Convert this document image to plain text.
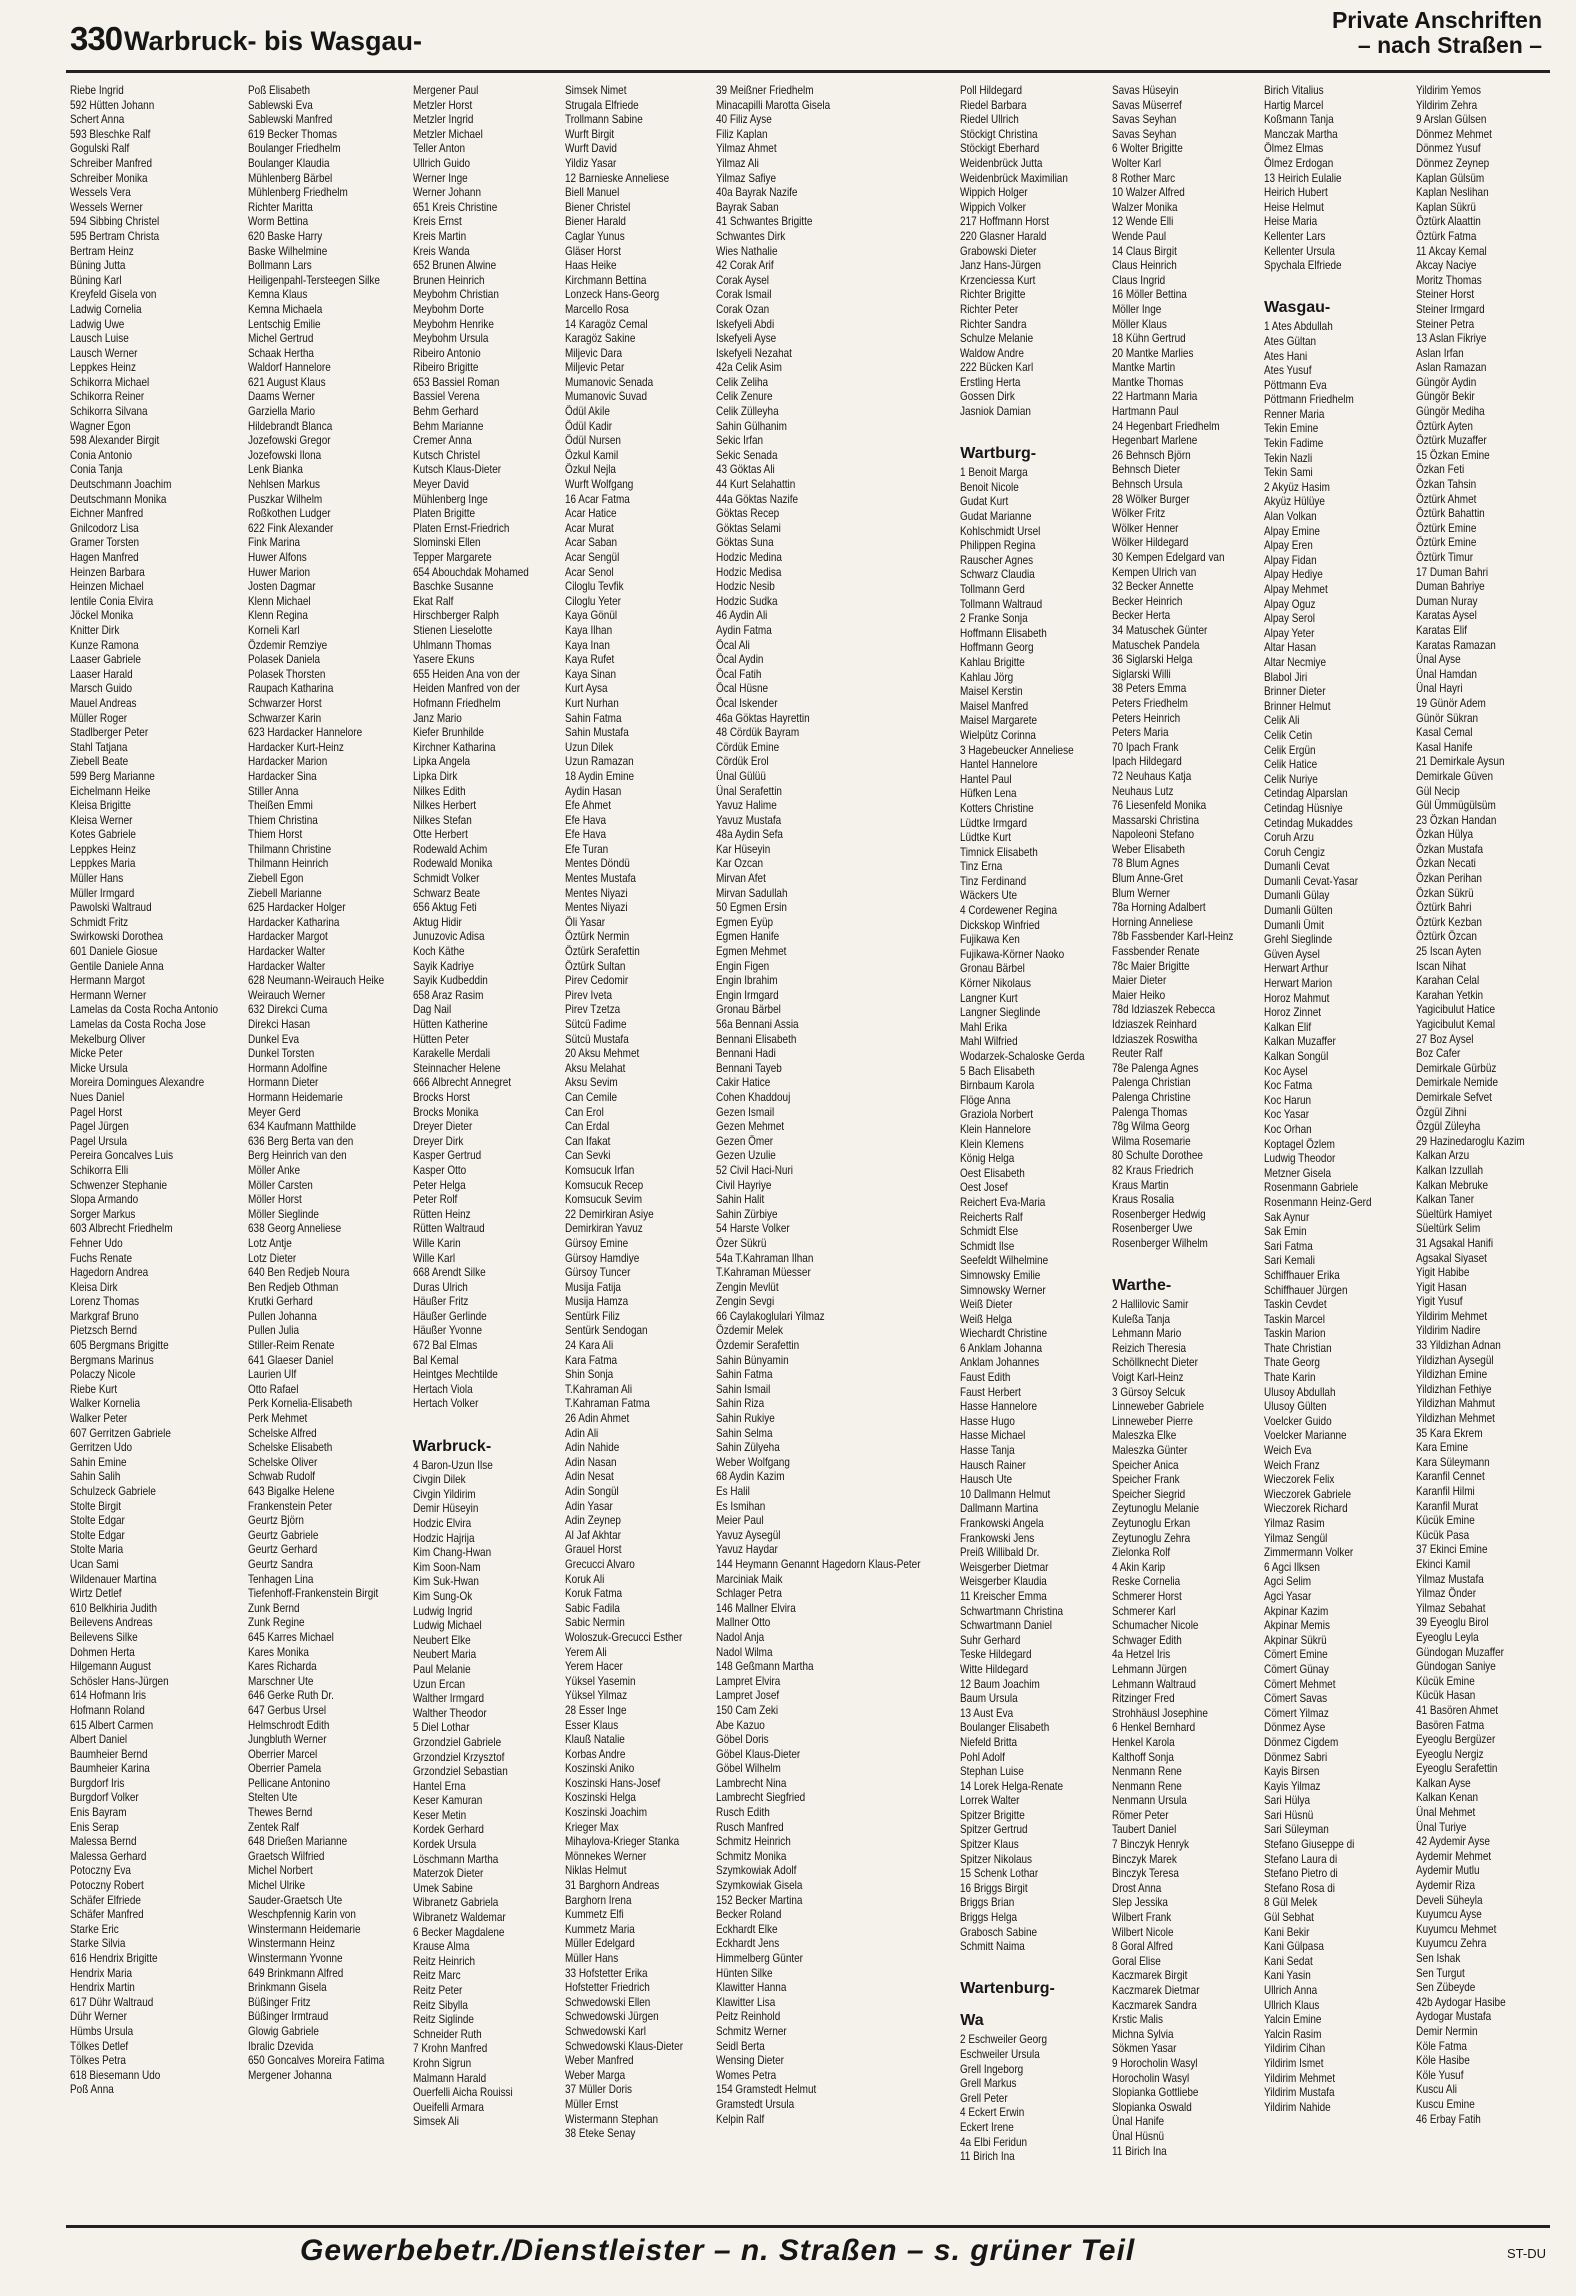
330 Warbruck- bis Wasgau-
Private Anschriften
– nach Straßen –
Riebe Ingrid
592 Hütten Johann
Schert Anna
593 Bleschke Ralf
Gogulski Ralf
Schreiber Manfred
Schreiber Monika
Wessels Vera
Wessels Werner
594 Sibbing Christel
595 Bertram Christa
Bertram Heinz
Büning Jutta
Büning Karl
Kreyfeld Gisela von
Ladwig Cornelia
Ladwig Uwe
Lausch Luise
Lausch Werner
Leppkes Heinz
Schikorra Michael
Schikorra Reiner
Schikorra Silvana
Wagner Egon
598 Alexander Birgit
Conia Antonio
Conia Tanja
Deutschmann Joachim
Deutschmann Monika
Eichner Manfred
Gnilcodorz Lisa
Gramer Torsten
Hagen Manfred
Heinzen Barbara
Heinzen Michael
Ientile Conia Elvira
Jöckel Monika
Knitter Dirk
Kunze Ramona
Laaser Gabriele
Laaser Harald
Marsch Guido
Mauel Andreas
Müller Roger
Stadlberger Peter
Stahl Tatjana
Ziebell Beate
599 Berg Marianne
Eichelmann Heike
Kleisa Brigitte
Kleisa Werner
Kotes Gabriele
Leppkes Heinz
Leppkes Maria
Müller Hans
Müller Irmgard
Pawolski Waltraud
Schmidt Fritz
Swirkowski Dorothea
601 Daniele Giosue
Gentile Daniele Anna
Hermann Margot
Hermann Werner
Lamelas da Costa Rocha Antonio
Lamelas da Costa Rocha Jose
Mekelburg Oliver
Micke Peter
Micke Ursula
Moreira Domingues Alexandre
Nues Daniel
Pagel Horst
Pagel Jürgen
Pagel Ursula
Pereira Goncalves Luis
Schikorra Elli
Schwenzer Stephanie
Slopa Armando
Sorger Markus
603 Albrecht Friedhelm
Fehner Udo
Fuchs Renate
Hagedorn Andrea
Kleisa Dirk
Lorenz Thomas
Markgraf Bruno
Pietzsch Bernd
605 Bergmans Brigitte
Bergmans Marinus
Polaczy Nicole
Riebe Kurt
Walker Kornelia
Walker Peter
607 Gerritzen Gabriele
Gerritzen Udo
Sahin Emine
Sahin Salih
Schulzeck Gabriele
Stolte Birgit
Stolte Edgar
Stolte Edgar
Stolte Maria
Ucan Sami
Wildenauer Martina
Wirtz Detlef
610 Belkhiria Judith
Beilevens Andreas
Beilevens Silke
Dohmen Herta
Hilgemann August
Schösler Hans-Jürgen
614 Hofmann Iris
Hofmann Roland
615 Albert Carmen
Albert Daniel
Baumheier Bernd
Baumheier Karina
Burgdorf Iris
Burgdorf Volker
Enis Bayram
Enis Serap
Malessa Bernd
Malessa Gerhard
Potoczny Eva
Potoczny Robert
Schäfer Elfriede
Schäfer Manfred
Starke Eric
Starke Silvia
616 Hendrix Brigitte
Hendrix Maria
Hendrix Martin
617 Dühr Waltraud
Dühr Werner
Hümbs Ursula
Tölkes Detlef
Tölkes Petra
618 Biesemann Udo
Poß Anna
Poß Elisabeth
Sablewski Eva
Sablewski Manfred
619 Becker Thomas
Boulanger Friedhelm
Boulanger Klaudia
Mühlenberg Bärbel
Mühlenberg Friedhelm
Richter Maritta
Worm Bettina
620 Baske Harry
Baske Wilhelmine
Bollmann Lars
Heiligenpahl-Tersteegen Silke
Kemna Klaus
Kemna Michaela
Lentschig Emilie
Michel Gertrud
Schaak Hertha
Waldorf Hannelore
621 August Klaus
Daams Werner
Garziella Mario
Hildebrandt Blanca
Jozefowski Gregor
Jozefowski Ilona
Lenk Bianka
Nehlsen Markus
Puszkar Wilhelm
Roßkothen Ludger
622 Fink Alexander
Fink Marina
Huwer Alfons
Huwer Marion
Josten Dagmar
Klenn Michael
Klenn Regina
Korneli Karl
Özdemir Remziye
Polasek Daniela
Polasek Thorsten
Raupach Katharina
Schwarzer Horst
Schwarzer Karin
623 Hardacker Hannelore
Hardacker Kurt-Heinz
Hardacker Marion
Hardacker Sina
Stiller Anna
Theißen Emmi
Thiem Christina
Thiem Horst
Thilmann Christine
Thilmann Heinrich
Ziebell Egon
Ziebell Marianne
625 Hardacker Holger
Hardacker Katharina
Hardacker Margot
Hardacker Walter
Hardacker Walter
628 Neumann-Weirauch Heike
Weirauch Werner
632 Direkci Cuma
Direkci Hasan
Dunkel Eva
Dunkel Torsten
Hormann Adolfine
Hormann Dieter
Hormann Heidemarie
Meyer Gerd
634 Kaufmann Matthilde
636 Berg Berta van den
Berg Heinrich van den
Möller Anke
Möller Carsten
Möller Horst
Möller Sieglinde
638 Georg Anneliese
Lotz Antje
Lotz Dieter
640 Ben Redjeb Noura
Ben Redjeb Othman
Krutki Gerhard
Pullen Johanna
Pullen Julia
Stiller-Reim Renate
641 Glaeser Daniel
Laurien Ulf
Otto Rafael
Perk Kornelia-Elisabeth
Perk Mehmet
Schelske Alfred
Schelske Elisabeth
Schelske Oliver
Schwab Rudolf
643 Bigalke Helene
Frankenstein Peter
Geurtz Björn
Geurtz Gabriele
Geurtz Gerhard
Geurtz Sandra
Tenhagen Lina
Tiefenhoff-Frankenstein Birgit
Zunk Bernd
Zunk Regine
645 Karres Michael
Kares Monika
Kares Richarda
Marschner Ute
646 Gerke Ruth Dr.
647 Gerbus Ursel
Helmschrodt Edith
Jungbluth Werner
Oberrier Marcel
Oberrier Pamela
Pellicane Antonino
Stelten Ute
Thewes Bernd
Zentek Ralf
648 Drießen Marianne
Graetsch Wilfried
Michel Norbert
Michel Ulrike
Sauder-Graetsch Ute
Weschpfennig Karin von
Winstermann Heidemarie
Winstermann Heinz
Winstermann Yvonne
649 Brinkmann Alfred
Brinkmann Gisela
Büßinger Fritz
Büßinger Irmtraud
Glowig Gabriele
Ibralic Dzevida
650 Goncalves Moreira Fatima
Mergener Johanna
Mergener Paul
Metzler Horst
Metzler Ingrid
Metzler Michael
Teller Anton
Ullrich Guido
Werner Inge
Werner Johann
651 Kreis Christine
Kreis Ernst
Kreis Martin
Kreis Wanda
652 Brunen Alwine
Brunen Heinrich
Meybohm Christian
Meybohm Dorte
Meybohm Henrike
Meybohm Ursula
Ribeiro Antonio
Ribeiro Brigitte
653 Bassiel Roman
Bassiel Verena
Behm Gerhard
Behm Marianne
Cremer Anna
Kutsch Christel
Kutsch Klaus-Dieter
Meyer David
Mühlenberg Inge
Platen Brigitte
Platen Ernst-Friedrich
Slominski Ellen
Tepper Margarete
654 Abouchdak Mohamed
Baschke Susanne
Ekat Ralf
Hirschberger Ralph
Stienen Lieselotte
Uhlmann Thomas
Yasere Ekuns
655 Heiden Ana von der
Heiden Manfred von der
Hofmann Friedhelm
Janz Mario
Kiefer Brunhilde
Kirchner Katharina
Lipka Angela
Lipka Dirk
Nilkes Edith
Nilkes Herbert
Nilkes Stefan
Otte Herbert
Rodewald Achim
Rodewald Monika
Schmidt Volker
Schwarz Beate
656 Aktug Feti
Aktug Hidir
Junuzovic Adisa
Koch Käthe
Sayik Kadriye
Sayik Kudbeddin
658 Araz Rasim
Dag Nail
Hütten Katherine
Hütten Peter
Karakelle Merdali
Steinnacher Helene
666 Albrecht Annegret
Brocks Horst
Brocks Monika
Dreyer Dieter
Dreyer Dirk
Kasper Gertrud
Kasper Otto
Peter Helga
Peter Rolf
Rütten Heinz
Rütten Waltraud
Wille Karin
Wille Karl
668 Arendt Silke
Duras Ulrich
Häußer Fritz
Häußer Gerlinde
Häußer Yvonne
672 Bal Elmas
Bal Kemal
Heintges Mechtilde
Hertach Viola
Hertach Volker

Warbruck-
4 Baron-Uzun Ilse
Civgin Dilek
Civgin Yildirim
Demir Hüseyin
Hodzic Elvira
Hodzic Hajrija
Kim Chang-Hwan
Kim Soon-Nam
Kim Suk-Hwan
Kim Sung-Ok
Ludwig Ingrid
Ludwig Michael
Neubert Elke
Neubert Maria
Paul Melanie
Uzun Ercan
Walther Irmgard
Walther Theodor
5 Diel Lothar
Grzondziel Gabriele
Grzondziel Krzysztof
Grzondziel Sebastian
Hantel Erna
Keser Kamuran
Keser Metin
Kordek Gerhard
Kordek Ursula
Löschmann Martha
Materzok Dieter
Umek Sabine
Wibranetz Gabriela
Wibranetz Waldemar
6 Becker Magdalene
Krause Alma
Reitz Heinrich
Reitz Marc
Reitz Peter
Reitz Sibylla
Reitz Siglinde
Schneider Ruth
7 Krohn Manfred
Krohn Sigrun
Malmann Harald
Ouerfelli Aicha Rouissi
Oueifelli Armara
Simsek Ali
Simsek Nimet
Strugala Elfriede
Trollmann Sabine
Wurft Birgit
Wurft David
Yildiz Yasar
12 Barnieske Anneliese
Biell Manuel
Biener Christel
Biener Harald
Caglar Yunus
Gläser Horst
Haas Heike
Kirchmann Bettina
Lonzeck Hans-Georg
Marcello Rosa
14 Karagöz Cemal
Karagöz Sakine
Miljevic Dara
Miljevic Petar
Mumanovic Senada
Mumanovic Suvad
Ödül Akile
Ödül Kadir
Ödül Nursen
Özkul Kamil
Özkul Nejla
Wurft Wolfgang
16 Acar Fatma
Acar Hatice
Acar Murat
Acar Saban
Acar Sengül
Acar Senol
Ciloglu Tevfik
Ciloglu Yeter
Kaya Gönül
Kaya Ilhan
Kaya Inan
Kaya Rufet
Kaya Sinan
Kurt Aysa
Kurt Nurhan
Sahin Fatma
Sahin Mustafa
Uzun Dilek
Uzun Ramazan
18 Aydin Emine
Aydin Hasan
Efe Ahmet
Efe Hava
Efe Hava
Efe Turan
Mentes Döndü
Mentes Mustafa
Mentes Niyazi
Mentes Niyazi
Öli Yasar
Öztürk Nermin
Öztürk Serafettin
Öztürk Sultan
Pirev Cedomir
Pirev Iveta
Pirev Tzetza
Sütcü Fadime
Sütcü Mustafa
20 Aksu Mehmet
Aksu Melahat
Aksu Sevim
Can Cemile
Can Erol
Can Erdal
Can Ifakat
Can Sevki
Komsucuk Irfan
Komsucuk Recep
Komsucuk Sevim
22 Demirkiran Asiye
Demirkiran Yavuz
Gürsoy Emine
Gürsoy Hamdiye
Gürsoy Tuncer
Musija Fatija
Musija Hamza
Sentürk Filiz
Sentürk Sendogan
24 Kara Ali
Kara Fatma
Shin Sonja
T.Kahraman Ali
T.Kahraman Fatma
26 Adin Ahmet
Adin Ali
Adin Nahide
Adin Nasan
Adin Nesat
Adin Songül
Adin Yasar
Adin Zeynep
Al Jaf Akhtar
Grauel Horst
Grecucci Alvaro
Koruk Ali
Koruk Fatma
Sabic Fadila
Sabic Nermin
Woloszuk-Grecucci Esther
Yerem Ali
Yerem Hacer
Yüksel Yasemin
Yüksel Yilmaz
28 Esser Inge
Esser Klaus
Klauß Natalie
Korbas Andre
Koszinski Aniko
Koszinski Hans-Josef
Koszinski Helga
Koszinski Joachim
Krieger Max
Mihaylova-Krieger Stanka
Mönnekes Werner
Niklas Helmut
31 Barghorn Andreas
Barghorn Irena
Kummetz Elfi
Kummetz Maria
Müller Edelgard
Müller Hans
33 Hofstetter Erika
Hofstetter Friedrich
Schwedowski Ellen
Schwedowski Jürgen
Schwedowski Karl
Schwedowski Klaus-Dieter
Weber Manfred
Weber Marga
37 Müller Doris
Müller Ernst
Wistermann Stephan
38 Eteke Senay
39 Meißner Friedhelm
Minacapilli Marotta Gisela
40 Filiz Ayse
Filiz Kaplan
Yilmaz Ahmet
Yilmaz Ali
Yilmaz Safiye
40a Bayrak Nazife
Bayrak Saban
41 Schwantes Brigitte
Schwantes Dirk
Wies Nathalie
42 Corak Arif
Corak Aysel
Corak Ismail
Corak Ozan
Iskefyeli Abdi
Iskefyeli Ayse
Iskefyeli Nezahat
42a Celik Asim
Celik Zeliha
Celik Zenure
Celik Zülleyha
Sahin Gülhanim
Sekic Irfan
Sekic Senada
43 Göktas Ali
44 Kurt Selahattin
44a Göktas Nazife
Göktas Recep
Göktas Selami
Göktas Suna
Hodzic Medina
Hodzic Medisa
Hodzic Nesib
Hodzic Sudka
46 Aydin Ali
Aydin Fatma
Öcal Ali
Öcal Aydin
Öcal Fatih
Öcal Hüsne
Öcal Iskender
46a Göktas Hayrettin
48 Cördük Bayram
Cördük Emine
Cördük Erol
Ünal Gülüü
Ünal Serafettin
Yavuz Halime
Yavuz Mustafa
48a Aydin Sefa
Kar Hüseyin
Kar Ozcan
Mirvan Afet
Mirvan Sadullah
50 Egmen Ersin
Egmen Eyüp
Egmen Hanife
Egmen Mehmet
Engin Figen
Engin Ibrahim
Engin Irmgard
Gronau Bärbel
56a Bennani Assia
Bennani Elisabeth
Bennani Hadi
Bennani Tayeb
Cakir Hatice
Cohen Khaddouj
Gezen Ismail
Gezen Mehmet
Gezen Ömer
Gezen Uzulie
52 Civil Haci-Nuri
Civil Hayriye
Sahin Halit
Sahin Zürbiye
54 Harste Volker
Özer Sükrü
54a T.Kahraman Ilhan
T.Kahraman Müesser
Zengin Mevlüt
Zengin Sevgi
66 Caylakoglulari Yilmaz
Özdemir Melek
Özdemir Serafettin
Sahin Bünyamin
Sahin Fatma
Sahin Ismail
Sahin Riza
Sahin Rukiye
Sahin Selma
Sahin Zülyeha
Weber Wolfgang
68 Aydin Kazim
Es Halil
Es Ismihan
Meier Paul
Yavuz Aysegül
Yavuz Haydar
144 Heymann Genannt Hagedorn Klaus-Peter
Marciniak Maik
Schlager Petra
146 Mallner Elvira
Mallner Otto
Nadol Anja
Nadol Wilma
148 Geßmann Martha
Lampret Elvira
Lampret Josef
150 Cam Zeki
Abe Kazuo
Göbel Doris
Göbel Klaus-Dieter
Göbel Wilhelm
Lambrecht Nina
Lambrecht Siegfried
Rusch Edith
Rusch Manfred
Schmitz Heinrich
Schmitz Monika
Szymkowiak Adolf
Szymkowiak Gisela
152 Becker Martina
Becker Roland
Eckhardt Elke
Eckhardt Jens
Himmelberg Günter
Hünten Silke
Klawitter Hanna
Klawitter Lisa
Peitz Reinhold
Schmitz Werner
Seidl Berta
Wensing Dieter
Womes Petra
154 Gramstedt Helmut
Gramstedt Ursula
Kelpin Ralf
Poll Hildegard
Riedel Barbara
Riedel Ullrich
Stöckigt Christina
Stöckigt Eberhard
Weidenbrück Jutta
Weidenbrück Maximilian
Wippich Holger
Wippich Volker
217 Hoffmann Horst
220 Glasner Harald
Grabowski Dieter
Janz Hans-Jürgen
Krzenciessa Kurt
Richter Brigitte
Richter Peter
Richter Sandra
Schulze Melanie
Waldow Andre
222 Bücken Karl
Erstling Herta
Gossen Dirk
Jasniok Damian

Wartburg-
1 Benoit Marga
Benoit Nicole
Gudat Kurt
Gudat Marianne
Kohlschmidt Ursel
Philippen Regina
Rauscher Agnes
Schwarz Claudia
Tollmann Gerd
Tollmann Waltraud
2 Franke Sonja
Hoffmann Elisabeth
Hoffmann Georg
Kahlau Brigitte
Kahlau Jörg
Maisel Kerstin
Maisel Manfred
Maisel Margarete
Wielpütz Corinna
3 Hagebeucker Anneliese
Hantel Hannelore
Hantel Paul
Hüfken Lena
Kotters Christine
Lüdtke Irmgard
Lüdtke Kurt
Timnick Elisabeth
Tinz Erna
Tinz Ferdinand
Wäckers Ute
4 Cordewener Regina
Dickskop Winfried
Fujikawa Ken
Fujikawa-Körner Naoko
Gronau Bärbel
Körner Nikolaus
Langner Kurt
Langner Sieglinde
Mahl Erika
Mahl Wilfried
Wodarzek-Schaloske Gerda
5 Bach Elisabeth
Birnbaum Karola
Flöge Anna
Graziola Norbert
Klein Hannelore
Klein Klemens
König Helga
Oest Elisabeth
Oest Josef
Reichert Eva-Maria
Reicherts Ralf
Schmidt Else
Schmidt Ilse
Seefeldt Wilhelmine
Simnowsky Emilie
Simnowsky Werner
Weiß Dieter
Weiß Helga
Wiechardt Christine
6 Anklam Johanna
Anklam Johannes
Faust Edith
Faust Herbert
Hasse Hannelore
Hasse Hugo
Hasse Michael
Hasse Tanja
Hausch Rainer
Hausch Ute
10 Dallmann Helmut
Dallmann Martina
Frankowski Angela
Frankowski Jens
Preiß Willibald Dr.
Weisgerber Dietmar
Weisgerber Klaudia
11 Kreischer Emma
Schwartmann Christina
Schwartmann Daniel
Suhr Gerhard
Teske Hildegard
Witte Hildegard
12 Baum Joachim
Baum Ursula
13 Aust Eva
Boulanger Elisabeth
Niefeld Britta
Pohl Adolf
Stephan Luise
14 Lorek Helga-Renate
Lorrek Walter
Spitzer Brigitte
Spitzer Gertrud
Spitzer Klaus
Spitzer Nikolaus
15 Schenk Lothar
16 Briggs Birgit
Briggs Brian
Briggs Helga
Grabosch Sabine
Schmitt Naima

Wartenburg-
Wa
2 Eschweiler Georg
Eschweiler Ursula
Grell Ingeborg
Grell Markus
Grell Peter
4 Eckert Erwin
Eckert Irene
4a Elbi Feridun
11 Birich Ina
Savas Hüseyin
Savas Müserref
Savas Seyhan
Savas Seyhan
6 Wolter Brigitte
Wolter Karl
8 Rother Marc
10 Walzer Alfred
Walzer Monika
12 Wende Elli
Wende Paul
14 Claus Birgit
Claus Heinrich
Claus Ingrid
16 Möller Bettina
Möller Inge
Möller Klaus
18 Kühn Gertrud
20 Mantke Marlies
Mantke Martin
Mantke Thomas
22 Hartmann Maria
Hartmann Paul
24 Hegenbart Friedhelm
Hegenbart Marlene
26 Behnsch Björn
Behnsch Dieter
Behnsch Ursula
28 Wölker Burger
Wölker Fritz
Wölker Henner
Wölker Hildegard
30 Kempen Edelgard van
Kempen Ulrich van
32 Becker Annette
Becker Heinrich
Becker Herta
34 Matuschek Günter
Matuschek Pandela
36 Siglarski Helga
Siglarski Willi
38 Peters Emma
Peters Friedhelm
Peters Heinrich
Peters Maria
70 Ipach Frank
Ipach Hildegard
72 Neuhaus Katja
Neuhaus Lutz
76 Liesenfeld Monika
Massarski Christina
Napoleoni Stefano
Weber Elisabeth
78 Blum Agnes
Blum Anne-Gret
Blum Werner
78a Horning Adalbert
Horning Anneliese
78b Fassbender Karl-Heinz
Fassbender Renate
78c Maier Brigitte
Maier Dieter
Maier Heiko
78d Idziaszek Rebecca
Idziaszek Reinhard
Idziaszek Roswitha
Reuter Ralf
78e Palenga Agnes
Palenga Christian
Palenga Christine
Palenga Thomas
78g Wilma Georg
Wilma Rosemarie
80 Schulte Dorothee
82 Kraus Friedrich
Kraus Martin
Kraus Rosalia
Rosenberger Hedwig
Rosenberger Uwe
Rosenberger Wilhelm

Warthe-
2 Hallilovic Samir
Kuleßa Tanja
Lehmann Mario
Reizich Theresia
Schöllknecht Dieter
Voigt Karl-Heinz
3 Gürsoy Selcuk
Linneweber Gabriele
Linneweber Pierre
Maleszka Elke
Maleszka Günter
Speicher Anica
Speicher Frank
Speicher Siegrid
Zeytunoglu Melanie
Zeytunoglu Erkan
Zeytunoglu Zehra
Zielonka Rolf
4 Akin Karip
Reske Cornelia
Schmerer Horst
Schmerer Karl
Schumacher Nicole
Schwager Edith
4a Hetzel Iris
Lehmann Jürgen
Lehmann Waltraud
Ritzinger Fred
Strohhäusl Josephine
6 Henkel Bernhard
Henkel Karola
Kalthoff Sonja
Nenmann Rene
Nenmann Rene
Nenmann Ursula
Römer Peter
Taubert Daniel
7 Binczyk Henryk
Binczyk Marek
Binczyk Teresa
Drost Anna
Slep Jessika
Wilbert Frank
Wilbert Nicole
8 Goral Alfred
Goral Elise
Kaczmarek Birgit
Kaczmarek Dietmar
Kaczmarek Sandra
Krstic Malis
Michna Sylvia
Sökmen Yasar
9 Horocholin Wasyl
Horocholin Wasyl
Slopianka Gottliebe
Slopianka Oswald
Ünal Hanife
Ünal Hüsnü
11 Birich Ina
Birich Vitalius
Hartig Marcel
Koßmann Tanja
Manczak Martha
Ölmez Elmas
Ölmez Erdogan
13 Heirich Eulalie
Heirich Hubert
Heise Helmut
Heise Maria
Kellenter Lars
Kellenter Ursula
Spychala Elfriede

Wasgau-
1 Ates Abdullah
Ates Gültan
Ates Hani
Ates Yusuf
Pöttmann Eva
Pöttmann Friedhelm
Renner Maria
Tekin Emine
Tekin Fadime
Tekin Nazli
Tekin Sami
2 Akyüz Hasim
Akyüz Hülüye
Alan Volkan
Alpay Emine
Alpay Eren
Alpay Fidan
Alpay Hediye
Alpay Mehmet
Alpay Oguz
Alpay Serol
Alpay Yeter
Altar Hasan
Altar Necmiye
Blabol Jiri
Brinner Dieter
Brinner Helmut
Celik Ali
Celik Cetin
Celik Ergün
Celik Hatice
Celik Nuriye
Cetindag Alparslan
Cetindag Hüsniye
Cetindag Mukaddes
Coruh Arzu
Coruh Cengiz
Dumanli Cevat
Dumanli Cevat-Yasar
Dumanli Gülay
Dumanli Gülten
Dumanli Ümit
Grehl Sieglinde
Güven Aysel
Herwart Arthur
Herwart Marion
Horoz Mahmut
Horoz Zinnet
Kalkan Elif
Kalkan Muzaffer
Kalkan Songül
Koc Aysel
Koc Fatma
Koc Harun
Koc Yasar
Koc Orhan
Koptagel Özlem
Ludwig Theodor
Metzner Gisela
Rosenmann Gabriele
Rosenmann Heinz-Gerd
Sak Aynur
Sak Emin
Sari Fatma
Sari Kemali
Schiffhauer Erika
Schiffhauer Jürgen
Taskin Cevdet
Taskin Marcel
Taskin Marion
Thate Christian
Thate Georg
Thate Karin
Ulusoy Abdullah
Ulusoy Gülten
Voelcker Guido
Voelcker Marianne
Weich Eva
Weich Franz
Wieczorek Felix
Wieczorek Gabriele
Wieczorek Richard
Yilmaz Rasim
Yilmaz Sengül
Zimmermann Volker
6 Agci Ilksen
Agci Selim
Agci Yasar
Akpinar Kazim
Akpinar Memis
Akpinar Sükrü
Cömert Emine
Cömert Günay
Cömert Mehmet
Cömert Savas
Cömert Yilmaz
Dönmez Ayse
Dönmez Cigdem
Dönmez Sabri
Kayis Birsen
Kayis Yilmaz
Sari Hülya
Sari Hüsnü
Sari Süleyman
Stefano Giuseppe di
Stefano Laura di
Stefano Pietro di
Stefano Rosa di
8 Gül Melek
Gül Sebhat
Kani Bekir
Kani Gülpasa
Kani Sedat
Kani Yasin
Ullrich Anna
Ullrich Klaus
Yalcin Emine
Yalcin Rasim
Yildirim Cihan
Yildirim Ismet
Yildirim Mehmet
Yildirim Mustafa
Yildirim Nahide
Yildirim Yemos
Yildirim Zehra
9 Arslan Gülsen
Dönmez Mehmet
Dönmez Yusuf
Dönmez Zeynep
Kaplan Gülsüm
Kaplan Neslihan
Kaplan Sükrü
Öztürk Alaattin
Öztürk Fatma
11 Akcay Kemal
Akcay Naciye
Moritz Thomas
Steiner Horst
Steiner Irmgard
Steiner Petra
13 Aslan Fikriye
Aslan Irfan
Aslan Ramazan
Güngör Aydin
Güngör Bekir
Güngör Mediha
Öztürk Ayten
Öztürk Muzaffer
15 Özkan Emine
Özkan Feti
Özkan Tahsin
Öztürk Ahmet
Öztürk Bahattin
Öztürk Emine
Öztürk Emine
Öztürk Timur
17 Duman Bahri
Duman Bahriye
Duman Nuray
Karatas Aysel
Karatas Elif
Karatas Ramazan
Ünal Ayse
Ünal Hamdan
Ünal Hayri
19 Günör Adem
Günör Sükran
Kasal Cemal
Kasal Hanife
21 Demirkale Aysun
Demirkale Güven
Gül Necip
Gül Ümmügülsüm
23 Özkan Handan
Özkan Hülya
Özkan Mustafa
Özkan Necati
Özkan Perihan
Özkan Sükrü
Öztürk Bahri
Öztürk Kezban
Öztürk Özcan
25 Iscan Ayten
Iscan Nihat
Karahan Celal
Karahan Yetkin
Yagicibulut Hatice
Yagicibulut Kemal
27 Boz Aysel
Boz Cafer
Demirkale Gürbüz
Demirkale Nemide
Demirkale Sefvet
Özgül Zihni
Özgül Züleyha
29 Hazinedaroglu Kazim
Kalkan Arzu
Kalkan Izzullah
Kalkan Mebruke
Kalkan Taner
Süeltürk Hamiyet
Süeltürk Selim
31 Agsakal Hanifi
Agsakal Siyaset
Yigit Habibe
Yigit Hasan
Yigit Yusuf
Yildirim Mehmet
Yildirim Nadire
33 Yildizhan Adnan
Yildizhan Aysegül
Yildizhan Emine
Yildizhan Fethiye
Yildizhan Mahmut
Yildizhan Mehmet
35 Kara Ekrem
Kara Emine
Kara Süleymann
Karanfil Cennet
Karanfil Hilmi
Karanfil Murat
Kücük Emine
Kücük Pasa
37 Ekinci Emine
Ekinci Kamil
Yilmaz Mustafa
Yilmaz Önder
Yilmaz Sebahat
39 Eyeoglu Birol
Eyeoglu Leyla
Gündogan Muzaffer
Gündogan Saniye
Kücük Emine
Kücük Hasan
41 Basören Ahmet
Basören Fatma
Eyeoglu Bergüzer
Eyeoglu Nergiz
Eyeoglu Serafettin
Kalkan Ayse
Kalkan Kenan
Ünal Mehmet
Ünal Turiye
42 Aydemir Ayse
Aydemir Mehmet
Aydemir Mutlu
Aydemir Riza
Develi Süheyla
Kuyumcu Ayse
Kuyumcu Mehmet
Kuyumcu Zehra
Sen Ishak
Sen Turgut
Sen Zübeyde
42b Aydogar Hasibe
Aydogar Mustafa
Demir Nermin
Köle Fatma
Köle Hasibe
Köle Yusuf
Kuscu Ali
Kuscu Emine
46 Erbay Fatih
Gewerbebetr./Dienstleister – n. Straßen – s. grüner Teil	ST-DU
